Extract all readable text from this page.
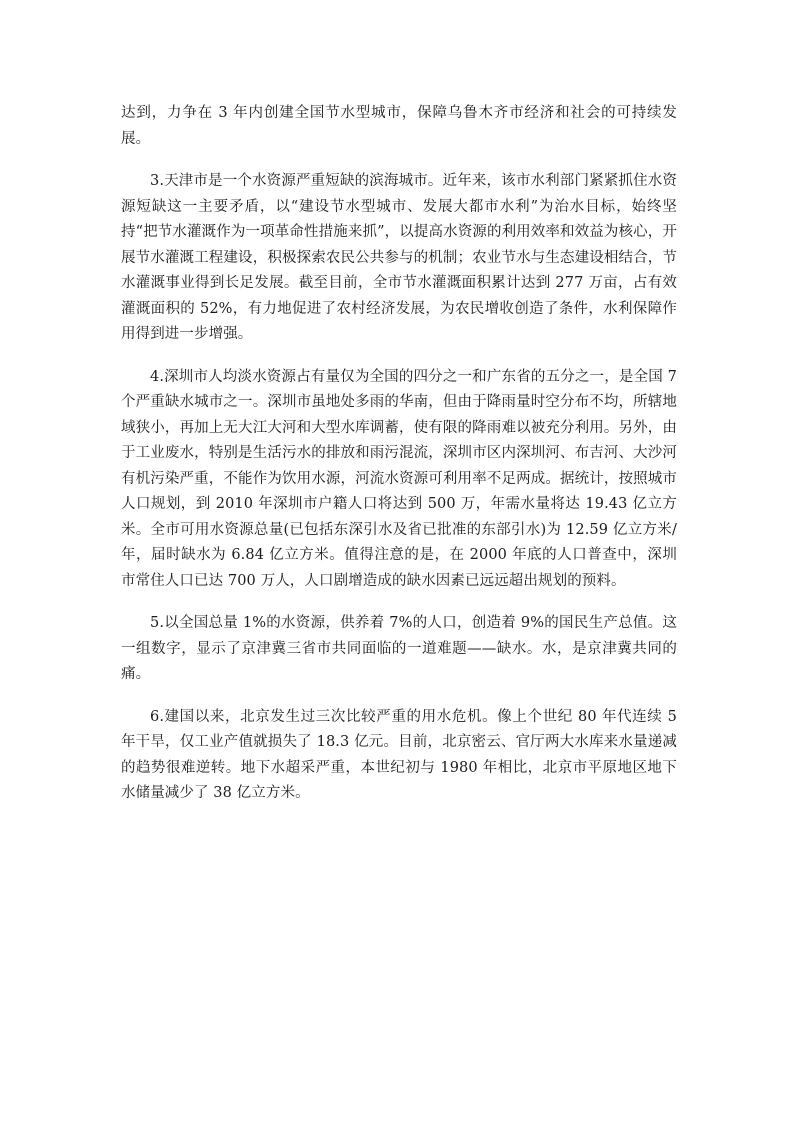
达到，力争在 3 年内创建全国节水型城市，保障乌鲁木齐市经济和社会的可持续发展。

3.天津市是一个水资源严重短缺的滨海城市。近年来，该市水利部门紧紧抓住水资源短缺这一主要矛盾，以“建设节水型城市、发展大都市水利”为治水目标，始终坚持“把节水灌溉作为一项革命性措施来抓”，以提高水资源的利用效率和效益为核心，开展节水灌溉工程建设，积极探索农民公共参与的机制；农业节水与生态建设相结合，节水灌溉事业得到长足发展。截至目前，全市节水灌溉面积累计达到 277 万亩，占有效灌溉面积的 52%，有力地促进了农村经济发展，为农民增收创造了条件，水利保障作用得到进一步增强。

4.深圳市人均淡水资源占有量仅为全国的四分之一和广东省的五分之一，是全国 7 个严重缺水城市之一。深圳市虽地处多雨的华南，但由于降雨量时空分布不均，所辖地域狭小，再加上无大江大河和大型水库调蓄，使有限的降雨难以被充分利用。另外，由于工业废水，特别是生活污水的排放和雨污混流，深圳市区内深圳河、布吉河、大沙河有机污染严重，不能作为饮用水源，河流水资源可利用率不足两成。据统计，按照城市人口规划，到 2010 年深圳市户籍人口将达到 500 万，年需水量将达 19.43 亿立方米。全市可用水资源总量(已包括东深引水及省已批准的东部引水)为 12.59 亿立方米/年，届时缺水为 6.84 亿立方米。值得注意的是，在 2000 年底的人口普查中，深圳市常住人口已达 700 万人，人口剧增造成的缺水因素已远远超出规划的预料。

5.以全国总量 1%的水资源，供养着 7%的人口，创造着 9%的国民生产总值。这一组数字，显示了京津冀三省市共同面临的一道难题——缺水。水，是京津冀共同的痛。

6.建国以来，北京发生过三次比较严重的用水危机。像上个世纪 80 年代连续 5 年干旱，仅工业产值就损失了 18.3 亿元。目前，北京密云、官厅两大水库来水量递减的趋势很难逆转。地下水超采严重，本世纪初与 1980 年相比，北京市平原地区地下水储量减少了 38 亿立方米。
